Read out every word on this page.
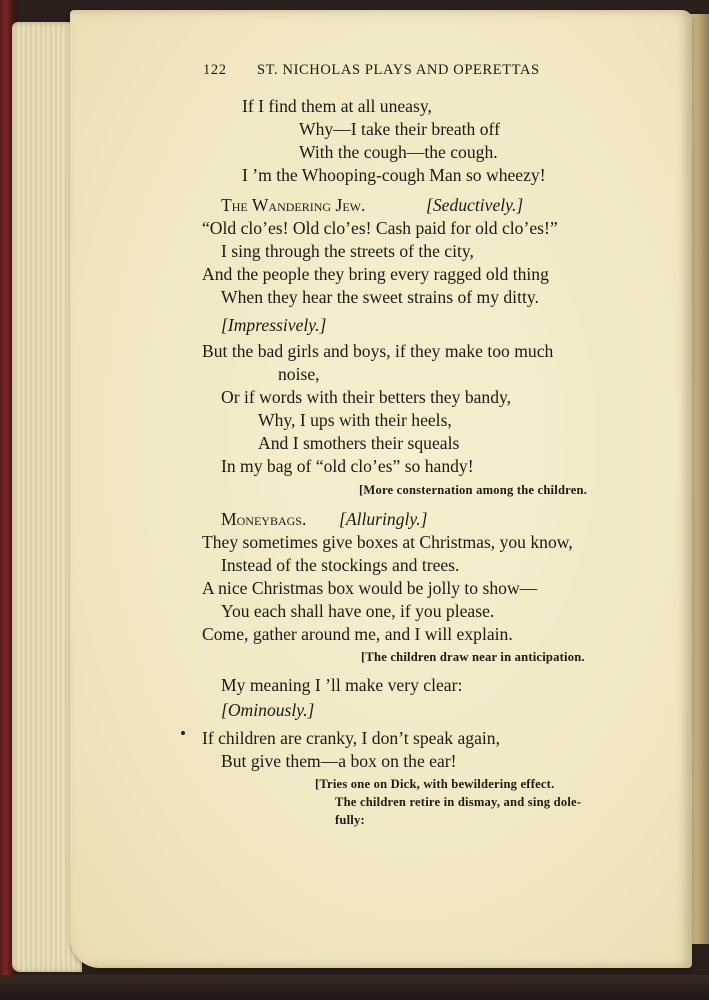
122 ST. NICHOLAS PLAYS AND OPERETTAS
If I find them at all uneasy,
Why—I take their breath off
With the cough—the cough.
I ’m the Whooping-cough Man so wheezy!
The Wandering Jew.	[Seductively.]
“Old clo’es! Old clo’es! Cash paid for old clo’es!”
I sing through the streets of the city,
And the people they bring every ragged old thing
When they hear the sweet strains of my ditty.
[Impressively.]
But the bad girls and boys, if they make too much
noise,
Or if words with their betters they bandy,
Why, I ups with their heels,
And I smothers their squeals
In my bag of “old clo’es” so handy!
[More consternation among the children.
Moneybags. [Alluringly.]
They sometimes give boxes at Christmas, you know,
Instead of the stockings and trees.
A nice Christmas box would be jolly to show—
You each shall have one, if you please.
Come, gather around me, and I will explain.
[The children draw near in anticipation.
My meaning I ’ll make very clear:
[Ominously.]
If children are cranky, I don’t speak again,
But give them—a box on the ear!
[Tries one on Dick, with bewildering effect.
The children retire in dismay, and sing dole-
fully:
